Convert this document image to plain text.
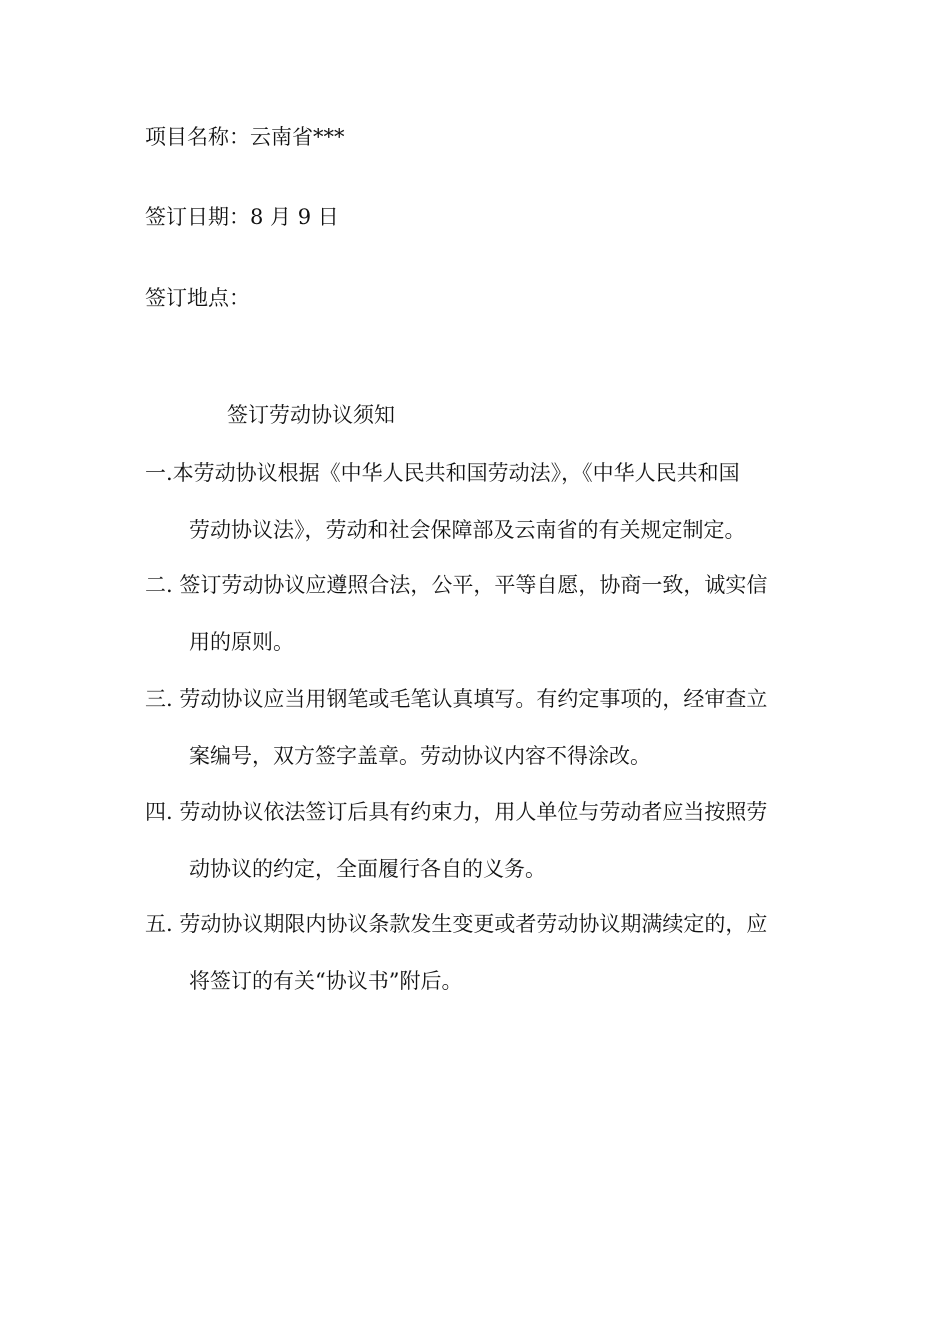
项目名称：云南省***
签订日期：8 月 9 日
签订地点：
签订劳动协议须知
一.本劳动协议根据《中华人民共和国劳动法》，《中华人民共和国
劳动协议法》，劳动和社会保障部及云南省的有关规定制定。
二. 签订劳动协议应遵照合法，公平，平等自愿，协商一致，诚实信
用的原则。
三. 劳动协议应当用钢笔或毛笔认真填写。有约定事项的，经审查立
案编号，双方签字盖章。劳动协议内容不得涂改。
四. 劳动协议依法签订后具有约束力，用人单位与劳动者应当按照劳
动协议的约定，全面履行各自的义务。
五. 劳动协议期限内协议条款发生变更或者劳动协议期满续定的，应
将签订的有关“协议书”附后。
